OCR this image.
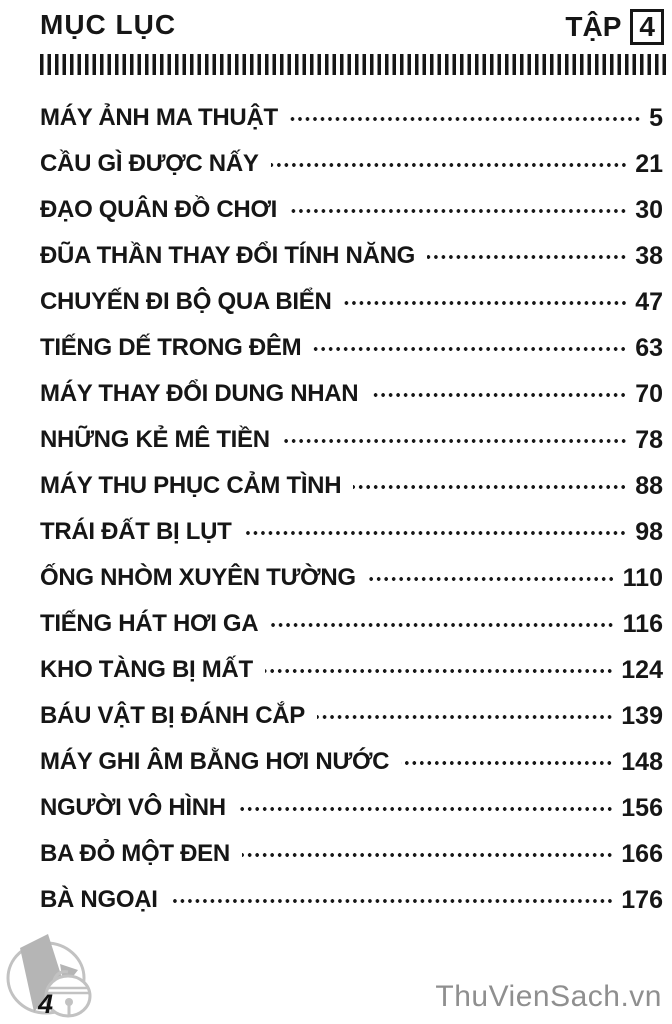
MỤC LỤC	TẬP 4
MÁY ẢNH MA THUẬT	5
CẦU GÌ ĐƯỢC NẤY	21
ĐẠO QUÂN ĐỒ CHƠI	30
ĐŨA THẦN THAY ĐỔI TÍNH NĂNG	38
CHUYẾN ĐI BỘ QUA BIỂN	47
TIẾNG DẾ TRONG ĐÊM	63
MÁY THAY ĐỔI DUNG NHAN	70
NHỮNG KẺ MÊ TIỀN	78
MÁY THU PHỤC CẢM TÌNH	88
TRÁI ĐẤT BỊ LỤT	98
ỐNG NHÒM XUYÊN TƯỜNG	110
TIẾNG HÁT HƠI GA	116
KHO TÀNG BỊ MẤT	124
BÁU VẬT BỊ ĐÁNH CẮP	139
MÁY GHI ÂM BẰNG HƠI NƯỚC	148
NGƯỜI VÔ HÌNH	156
BA ĐỎ MỘT ĐEN	166
BÀ NGOẠI	176
4	ThuVienSach.vn
